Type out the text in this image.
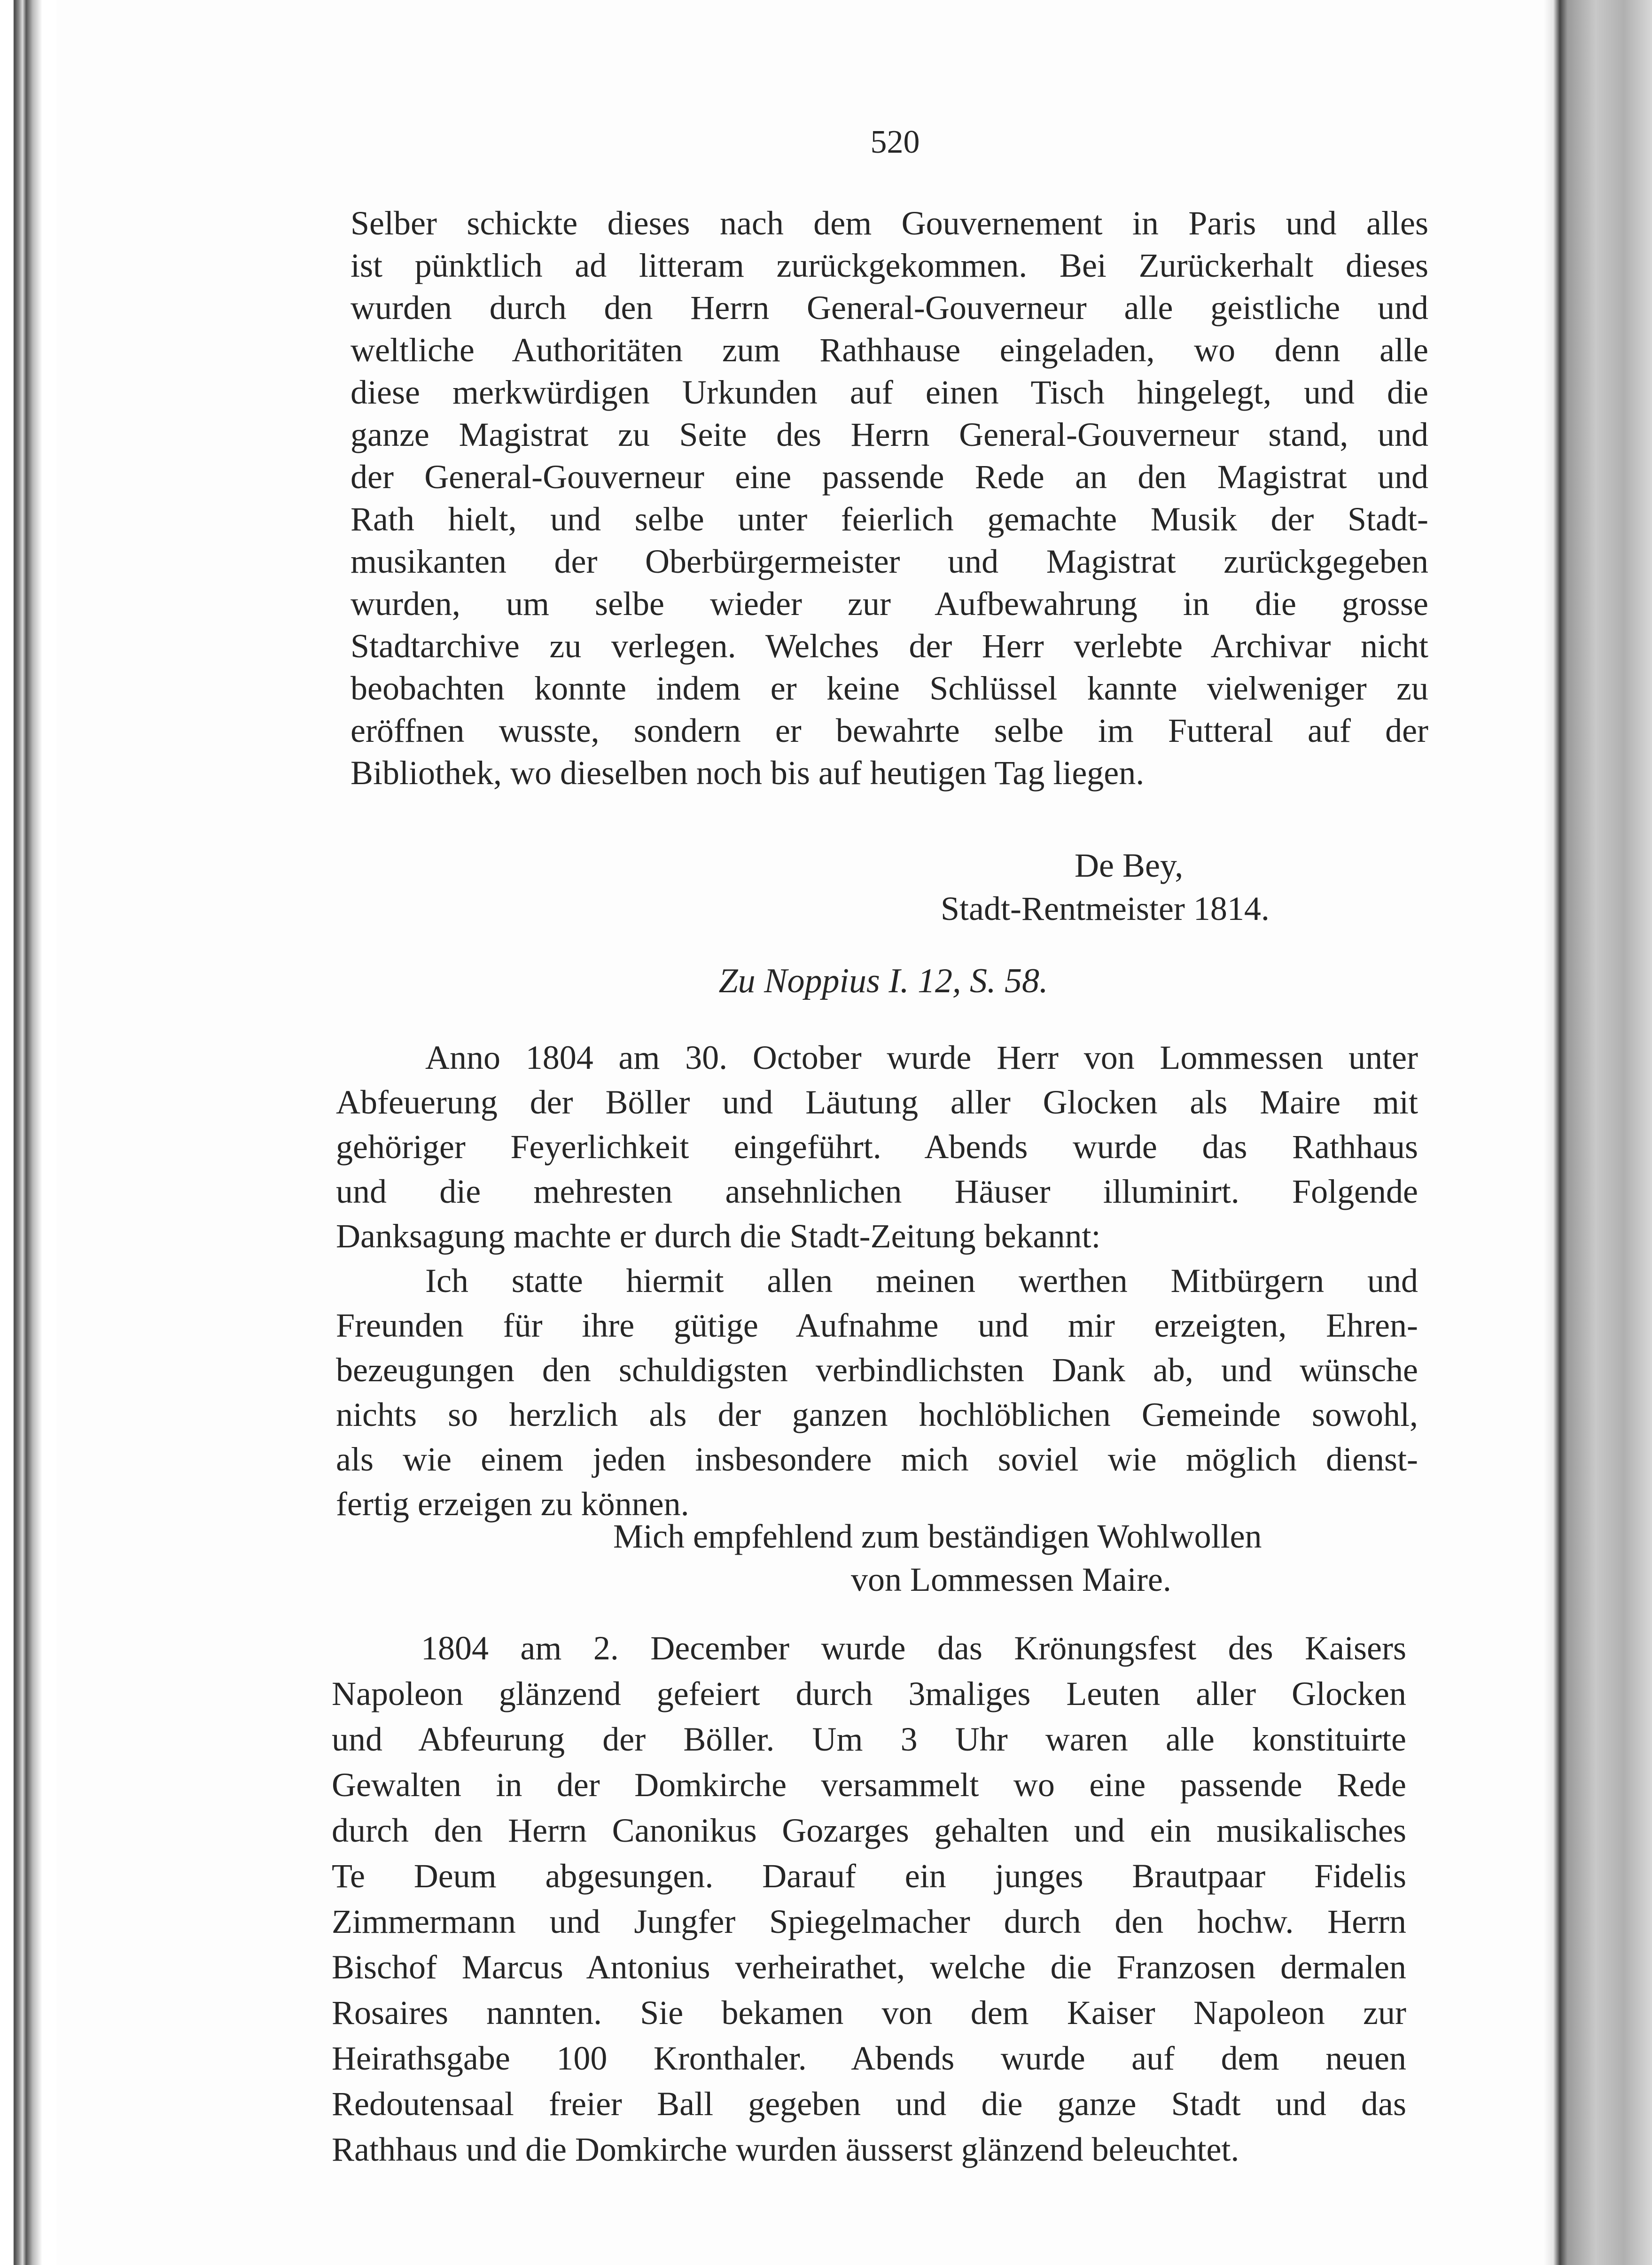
520
Selber schickte dieses nach dem Gouvernement in Paris und alles
ist pünktlich ad litteram zurückgekommen. Bei Zurückerhalt dieses
wurden durch den Herrn General-Gouverneur alle geistliche und
weltliche Authoritäten zum Rathhause eingeladen, wo denn alle
diese merkwürdigen Urkunden auf einen Tisch hingelegt, und die
ganze Magistrat zu Seite des Herrn General-Gouverneur stand, und
der General-Gouverneur eine passende Rede an den Magistrat und
Rath hielt, und selbe unter feierlich gemachte Musik der Stadt-
musikanten der Oberbürgermeister und Magistrat zurückgegeben
wurden, um selbe wieder zur Aufbewahrung in die grosse
Stadtarchive zu verlegen. Welches der Herr verlebte Archivar nicht
beobachten konnte indem er keine Schlüssel kannte vielweniger zu
eröffnen wusste, sondern er bewahrte selbe im Futteral auf der
Bibliothek, wo dieselben noch bis auf heutigen Tag liegen.
De Bey,
Stadt-Rentmeister 1814.
Zu Noppius I. 12, S. 58.
Anno 1804 am 30. October wurde Herr von Lommessen unter
Abfeuerung der Böller und Läutung aller Glocken als Maire mit
gehöriger Feyerlichkeit eingeführt. Abends wurde das Rathhaus
und die mehresten ansehnlichen Häuser illuminirt. Folgende
Danksagung machte er durch die Stadt-Zeitung bekannt:
Ich statte hiermit allen meinen werthen Mitbürgern und
Freunden für ihre gütige Aufnahme und mir erzeigten, Ehren-
bezeugungen den schuldigsten verbindlichsten Dank ab, und wünsche
nichts so herzlich als der ganzen hochlöblichen Gemeinde sowohl,
als wie einem jeden insbesondere mich soviel wie möglich dienst-
fertig erzeigen zu können.
Mich empfehlend zum beständigen Wohlwollen
von Lommessen Maire.
1804 am 2. December wurde das Krönungsfest des Kaisers
Napoleon glänzend gefeiert durch 3maliges Leuten aller Glocken
und Abfeurung der Böller. Um 3 Uhr waren alle konstituirte
Gewalten in der Domkirche versammelt wo eine passende Rede
durch den Herrn Canonikus Gozarges gehalten und ein musikalisches
Te Deum abgesungen. Darauf ein junges Brautpaar Fidelis
Zimmermann und Jungfer Spiegelmacher durch den hochw. Herrn
Bischof Marcus Antonius verheirathet, welche die Franzosen dermalen
Rosaires nannten. Sie bekamen von dem Kaiser Napoleon zur
Heirathsgabe 100 Kronthaler. Abends wurde auf dem neuen
Redoutensaal freier Ball gegeben und die ganze Stadt und das
Rathhaus und die Domkirche wurden äusserst glänzend beleuchtet.
